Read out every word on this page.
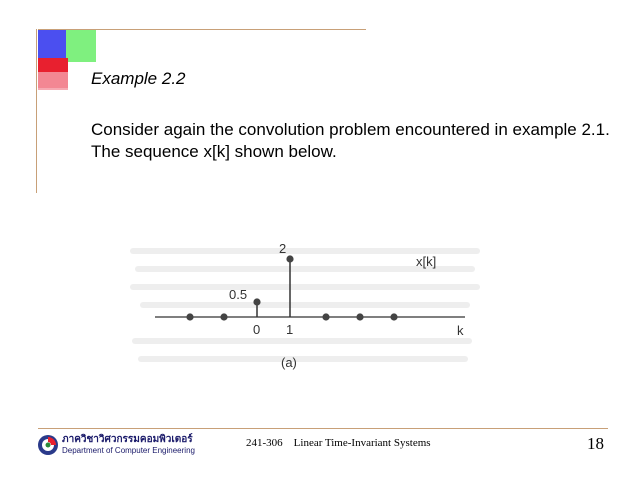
Example 2.2

Consider again the convolution problem encountered in example 2.1. The sequence x[k] shown below.

2
0.5
0 1	k
x[k]
(a)

ภาควิชาวิศวกรรมคอมพิวเตอร์

Department of Computer Engineering

241-306    Linear Time-Invariant Systems	18
